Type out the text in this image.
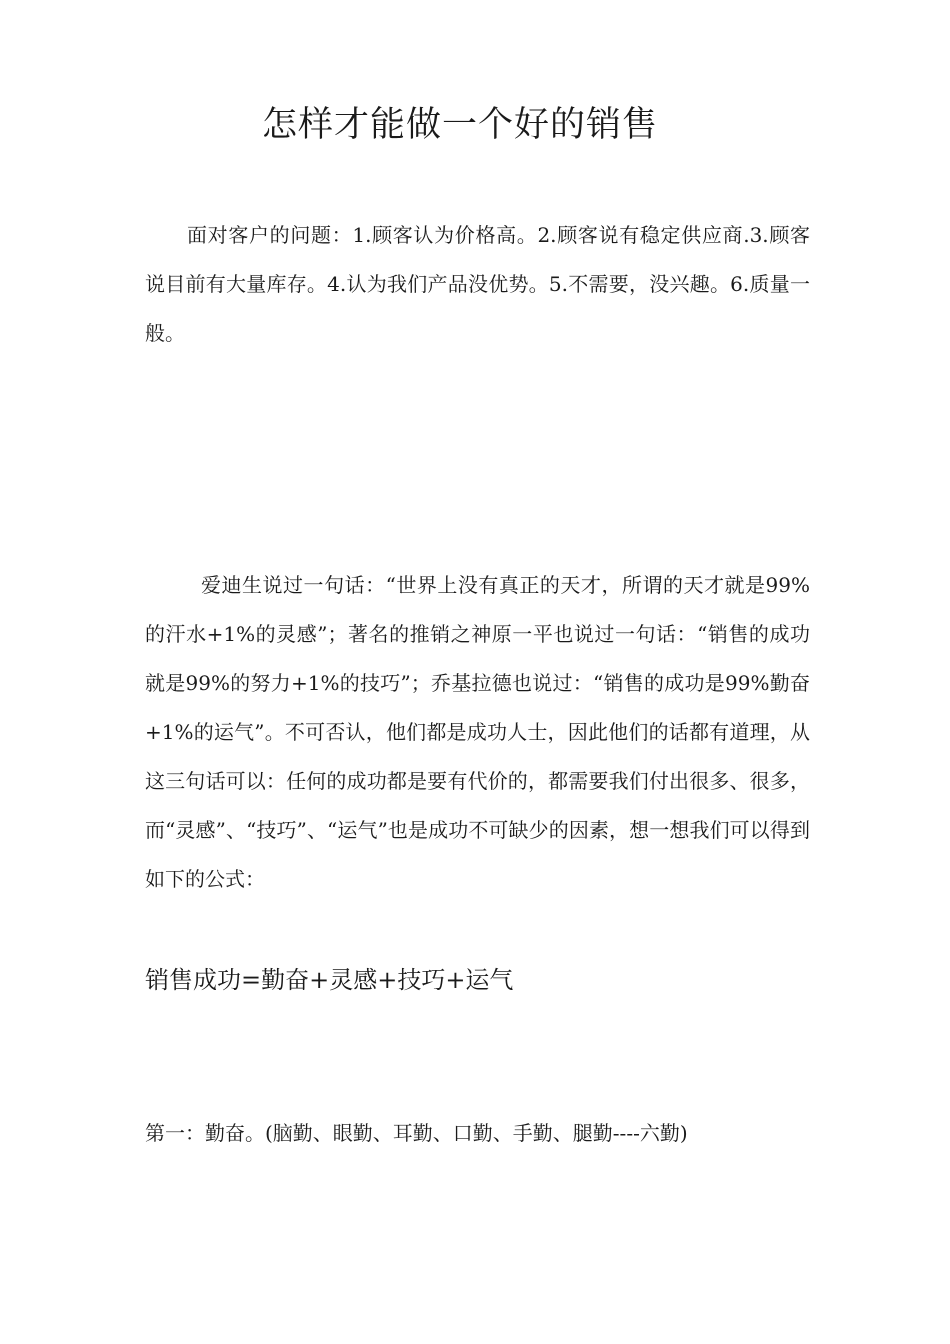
怎样才能做一个好的销售

面对客户的问题：1.顾客认为价格高。2.顾客说有稳定供应商.3.顾客说目前有大量库存。4.认为我们产品没优势。5.不需要，没兴趣。6.质量一般。

爱迪生说过一句话：“世界上没有真正的天才，所谓的天才就是99%的汗水+1%的灵感”；著名的推销之神原一平也说过一句话：“销售的成功就是99%的努力+1%的技巧”；乔基拉德也说过：“销售的成功是99%勤奋+1%的运气”。不可否认，他们都是成功人士，因此他们的话都有道理，从这三句话可以：任何的成功都是要有代价的，都需要我们付出很多、很多，而“灵感”、“技巧”、“运气”也是成功不可缺少的因素，想一想我们可以得到如下的公式：

销售成功=勤奋+灵感+技巧+运气
第一：勤奋。(脑勤、眼勤、耳勤、口勤、手勤、腿勤----六勤)
